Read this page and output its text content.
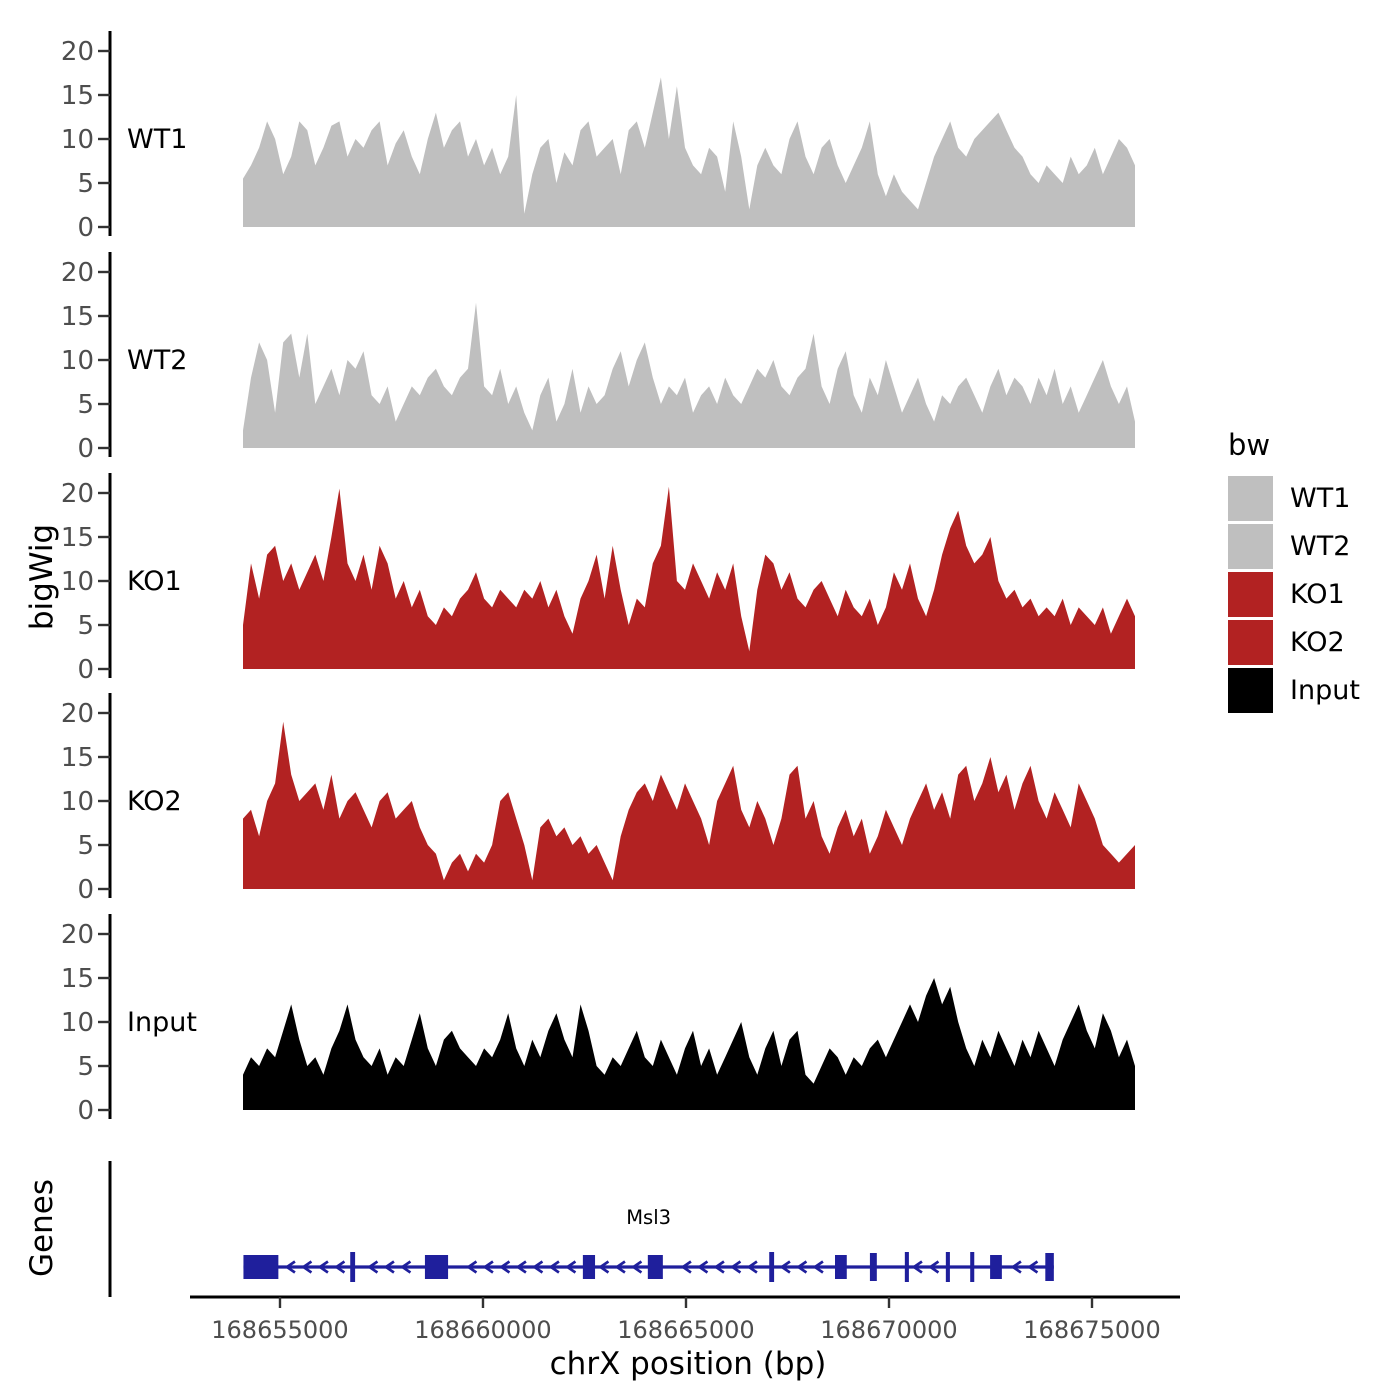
0
5
10
15
20
WT1
0
5
10
15
20
WT2
0
5
10
15
20
KO1
0
5
10
15
20
KO2
0
5
10
15
20
Input
Msl3
168655000	168660000	168665000	168670000	168675000
bigWig
Genes
chrX position (bp)
bw
WT1
WT2
KO1
KO2
Input
